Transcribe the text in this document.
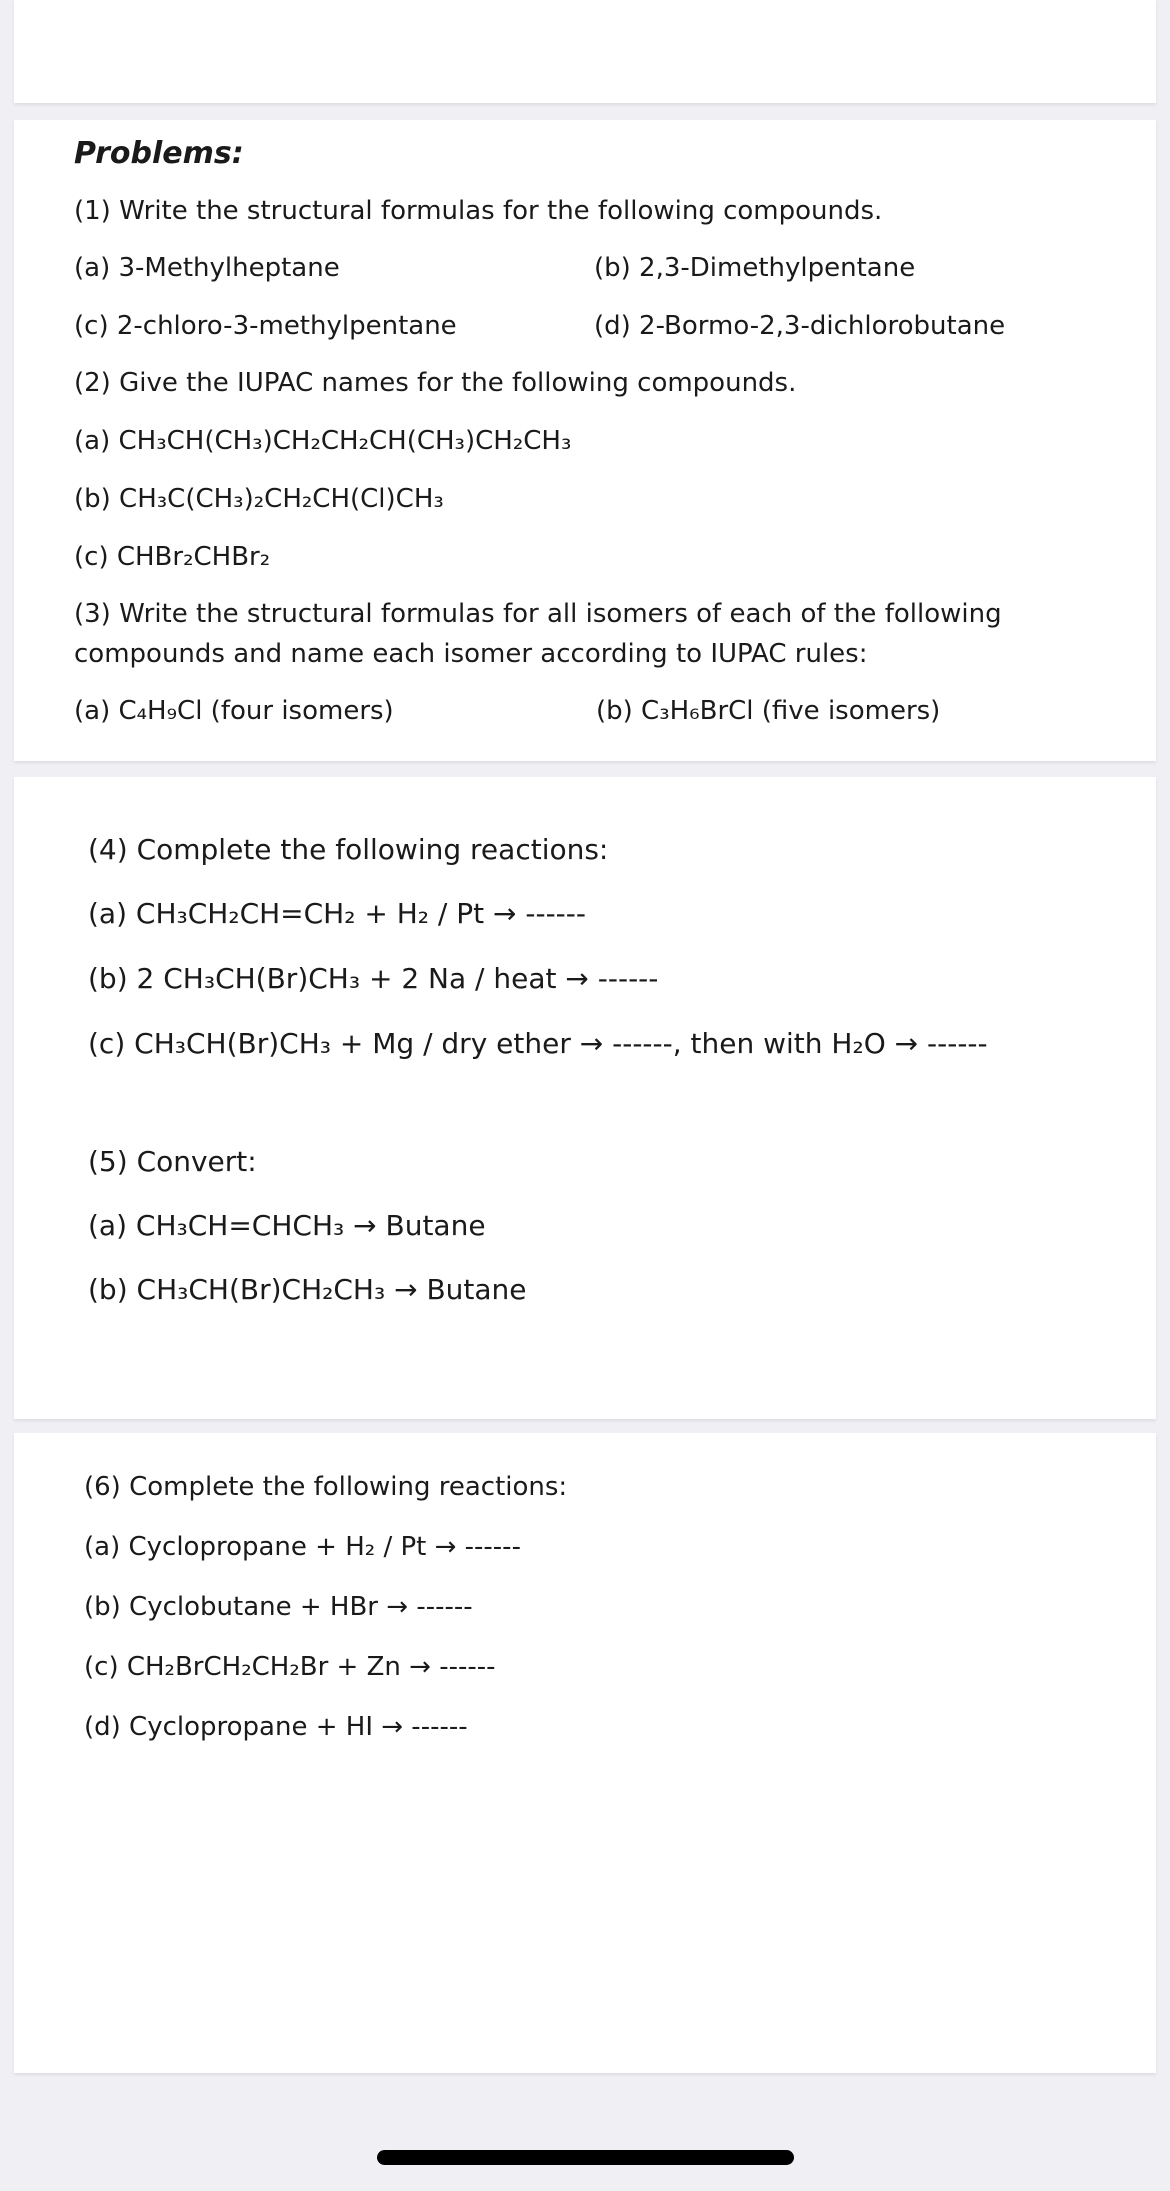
Problems:
(1) Write the structural formulas for the following compounds.
(a) 3-Methylheptane	(b) 2,3-Dimethylpentane
(c) 2-chloro-3-methylpentane	(d) 2-Bormo-2,3-dichlorobutane
(2) Give the IUPAC names for the following compounds.
(a) CH₃CH(CH₃)CH₂CH₂CH(CH₃)CH₂CH₃
(b) CH₃C(CH₃)₂CH₂CH(Cl)CH₃
(c) CHBr₂CHBr₂
(3) Write the structural formulas for all isomers of each of the following
compounds and name each isomer according to IUPAC rules:
(a) C₄H₉Cl (four isomers)	(b) C₃H₆BrCl (five isomers)
(4) Complete the following reactions:
(a) CH₃CH₂CH=CH₂ + H₂ / Pt → ------
(b) 2 CH₃CH(Br)CH₃ + 2 Na / heat → ------
(c) CH₃CH(Br)CH₃ + Mg / dry ether → ------, then with H₂O → ------
(5) Convert:
(a) CH₃CH=CHCH₃ → Butane
(b) CH₃CH(Br)CH₂CH₃ → Butane
(6) Complete the following reactions:
(a) Cyclopropane + H₂ / Pt → ------
(b) Cyclobutane + HBr → ------
(c) CH₂BrCH₂CH₂Br + Zn → ------
(d) Cyclopropane + HI → ------
